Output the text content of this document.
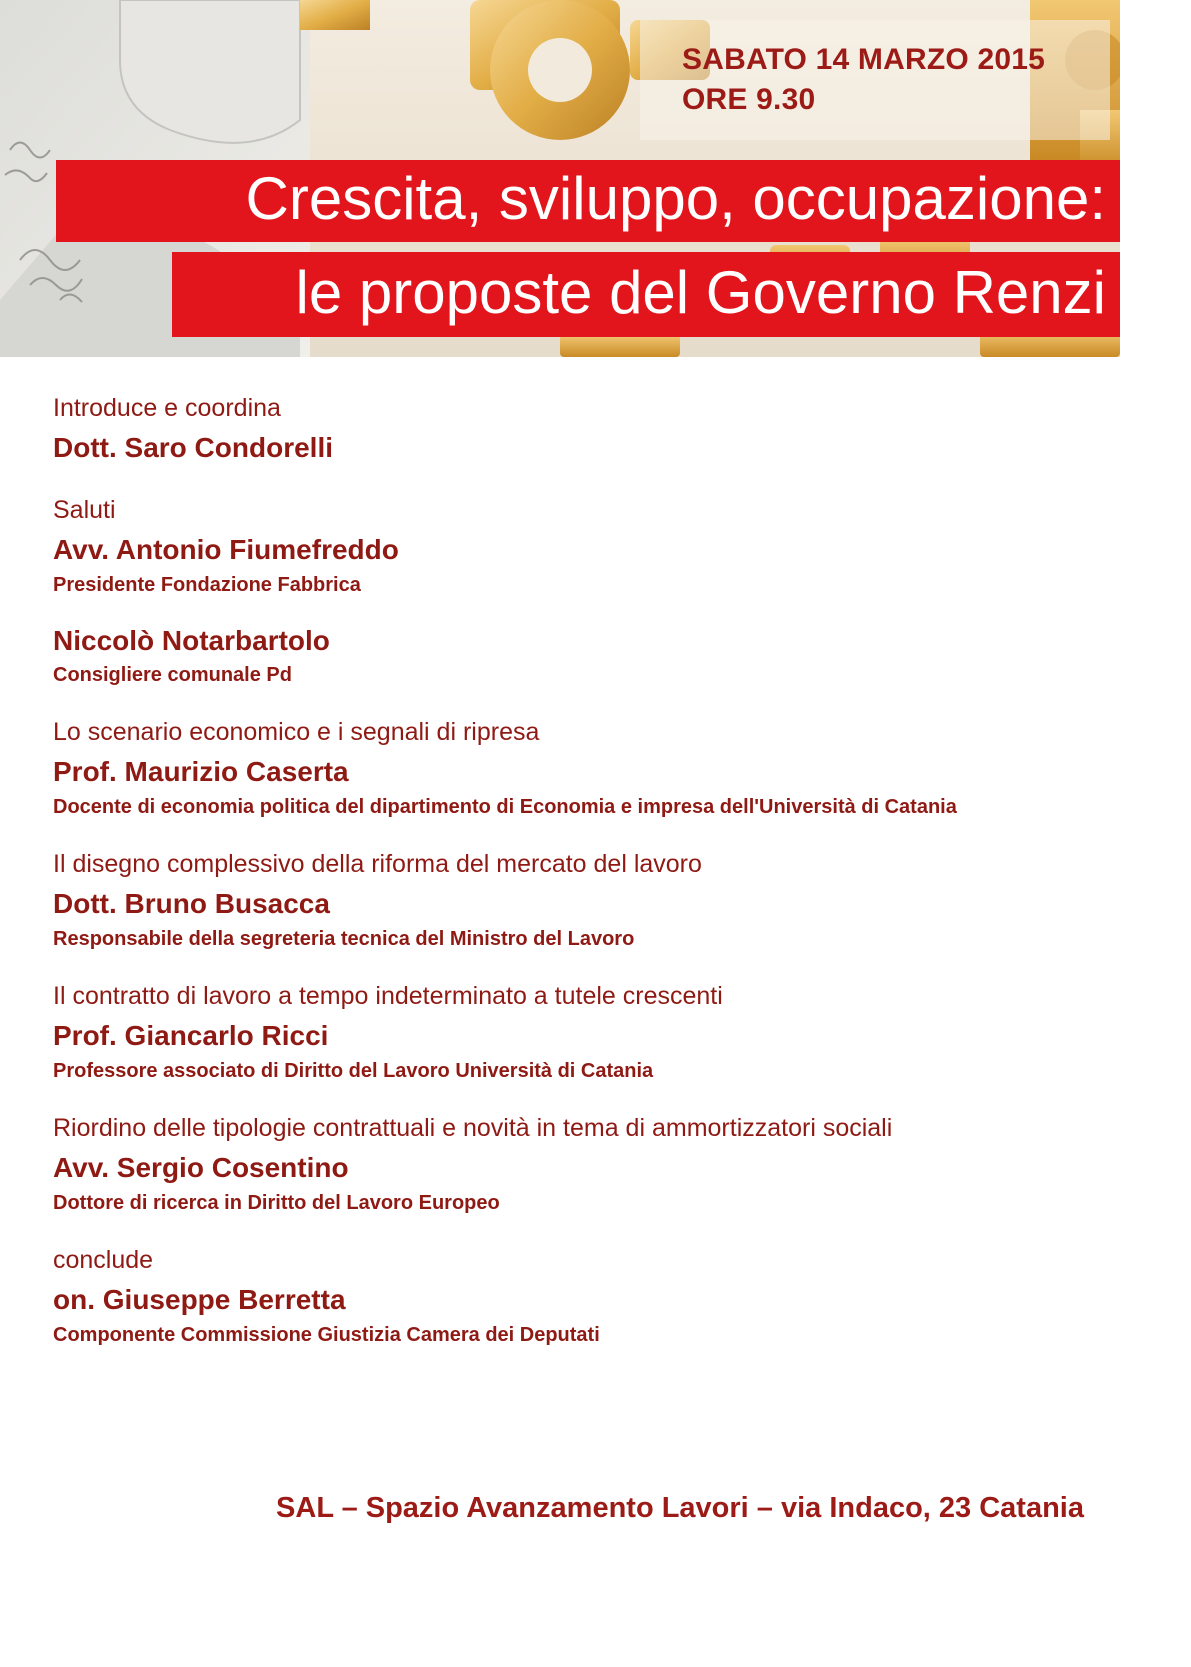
SABATO 14 MARZO 2015
ORE 9.30
Crescita, sviluppo, occupazione:
le proposte del Governo Renzi
Introduce e coordina
Dott. Saro Condorelli
Saluti
Avv. Antonio Fiumefreddo
Presidente Fondazione Fabbrica
Niccolò Notarbartolo
Consigliere comunale Pd
Lo scenario economico e i segnali di ripresa
Prof. Maurizio Caserta
Docente di economia politica del dipartimento di Economia e impresa dell'Università di Catania
Il disegno complessivo della riforma del mercato del lavoro
Dott. Bruno Busacca
Responsabile della segreteria tecnica del Ministro del Lavoro
Il contratto di lavoro a tempo indeterminato a tutele crescenti
Prof. Giancarlo Ricci
Professore associato di Diritto del Lavoro Università di Catania
Riordino delle tipologie contrattuali e novità in tema di ammortizzatori sociali
Avv. Sergio Cosentino
Dottore di ricerca in Diritto del Lavoro Europeo
conclude
on. Giuseppe Berretta
Componente Commissione Giustizia Camera dei Deputati
SAL – Spazio Avanzamento Lavori – via Indaco, 23 Catania
